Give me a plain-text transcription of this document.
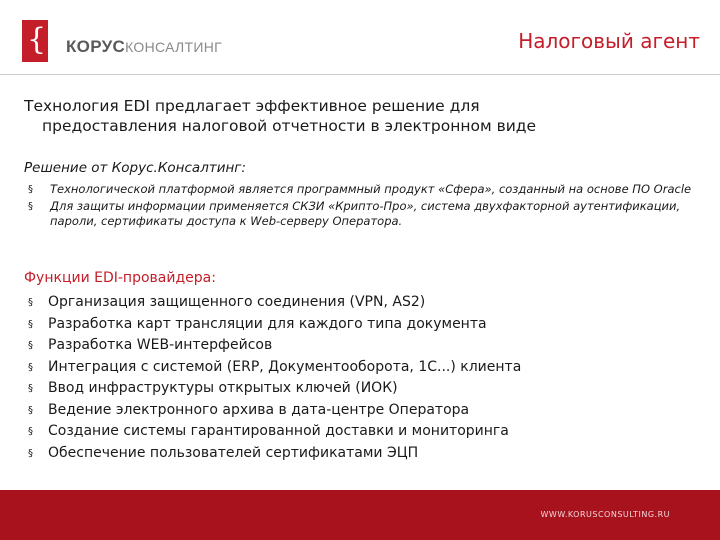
{ КОРУСКОНСАЛТИНГ	Налоговый агент
Технология EDI предлагает эффективное решение для
предоставления налоговой отчетности в электронном виде
Решение от Корус.Консалтинг:
§ Технологической платформой является программный продукт «Сфера», созданный на основе ПО Oracle
§ Для защиты информации применяется СКЗИ «Крипто-Про», система двухфакторной аутентификации, пароли, сертификаты доступа к Web-серверу Оператора.
Функции EDI-провайдера:
§ Организация защищенного соединения (VPN, AS2)
§ Разработка карт трансляции для каждого типа документа
§ Разработка WEB-интерфейсов
§ Интеграция с системой (ERP, Документооборота, 1С...) клиента
§ Ввод инфраструктуры открытых ключей (ИОК)
§ Ведение электронного архива в дата-центре Оператора
§ Создание системы гарантированной доставки и мониторинга
§ Обеспечение пользователей сертификатами ЭЦП
WWW.KORUSCONSULTING.RU
